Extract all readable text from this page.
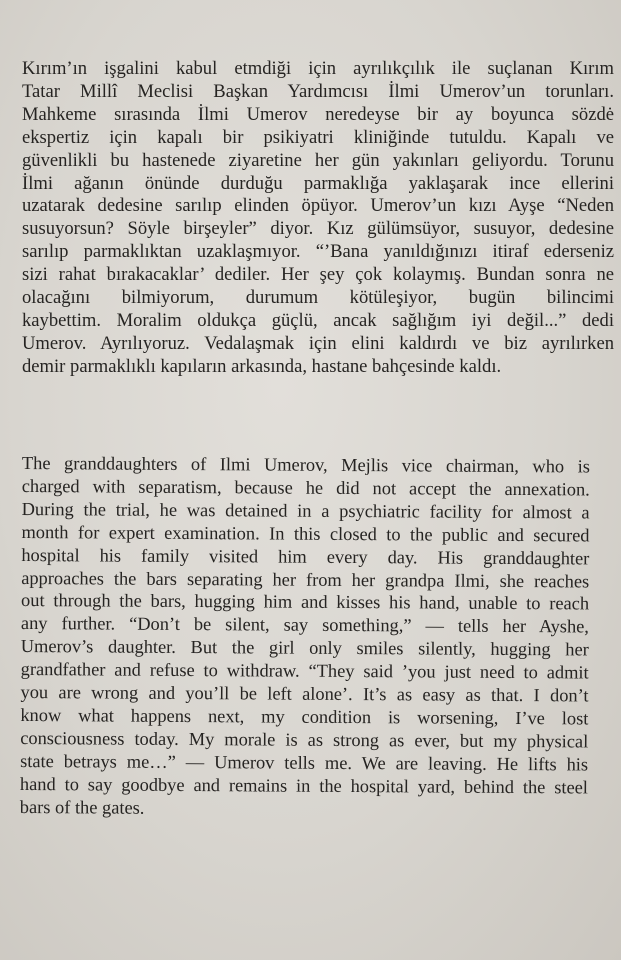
Kırım’ın işgalini kabul etmdiği için ayrılıkçılık ile suçlanan Kırım
Tatar Millî Meclisi Başkan Yardımcısı İlmi Umerov’un torunları.
Mahkeme sırasında İlmi Umerov neredeyse bir ay boyunca sözdė
ekspertiz için kapalı bir psikiyatri kliniğinde tutuldu. Kapalı ve
güvenlikli bu hastenede ziyaretine her gün yakınları geliyordu. Torunu
İlmi ağanın önünde durduğu parmaklığa yaklaşarak ince ellerini
uzatarak dedesine sarılıp elinden öpüyor. Umerov’un kızı Ayşe “Neden
susuyorsun? Söyle birşeyler” diyor. Kız gülümsüyor, susuyor, dedesine
sarılıp parmaklıktan uzaklaşmıyor. “’Bana yanıldığınızı itiraf ederseniz
sizi rahat bırakacaklar’ dediler. Her şey çok kolaymış. Bundan sonra ne
olacağını bilmiyorum, durumum kötüleşiyor, bugün bilincimi
kaybettim. Moralim oldukça güçlü, ancak sağlığım iyi değil...” dedi
Umerov. Ayrılıyoruz. Vedalaşmak için elini kaldırdı ve biz ayrılırken
demir parmaklıklı kapıların arkasında, hastane bahçesinde kaldı.

The granddaughters of Ilmi Umerov, Mejlis vice chairman, who is
charged with separatism, because he did not accept the annexation.
During the trial, he was detained in a psychiatric facility for almost a
month for expert examination. In this closed to the public and secured
hospital his family visited him every day. His granddaughter
approaches the bars separating her from her grandpa Ilmi, she reaches
out through the bars, hugging him and kisses his hand, unable to reach
any further. “Don’t be silent, say something,” — tells her Ayshe,
Umerov’s daughter. But the girl only smiles silently, hugging her
grandfather and refuse to withdraw. “They said ’you just need to admit
you are wrong and you’ll be left alone’. It’s as easy as that. I don’t
know what happens next, my condition is worsening, I’ve lost
consciousness today. My morale is as strong as ever, but my physical
state betrays me…” — Umerov tells me. We are leaving. He lifts his
hand to say goodbye and remains in the hospital yard, behind the steel
bars of the gates.
